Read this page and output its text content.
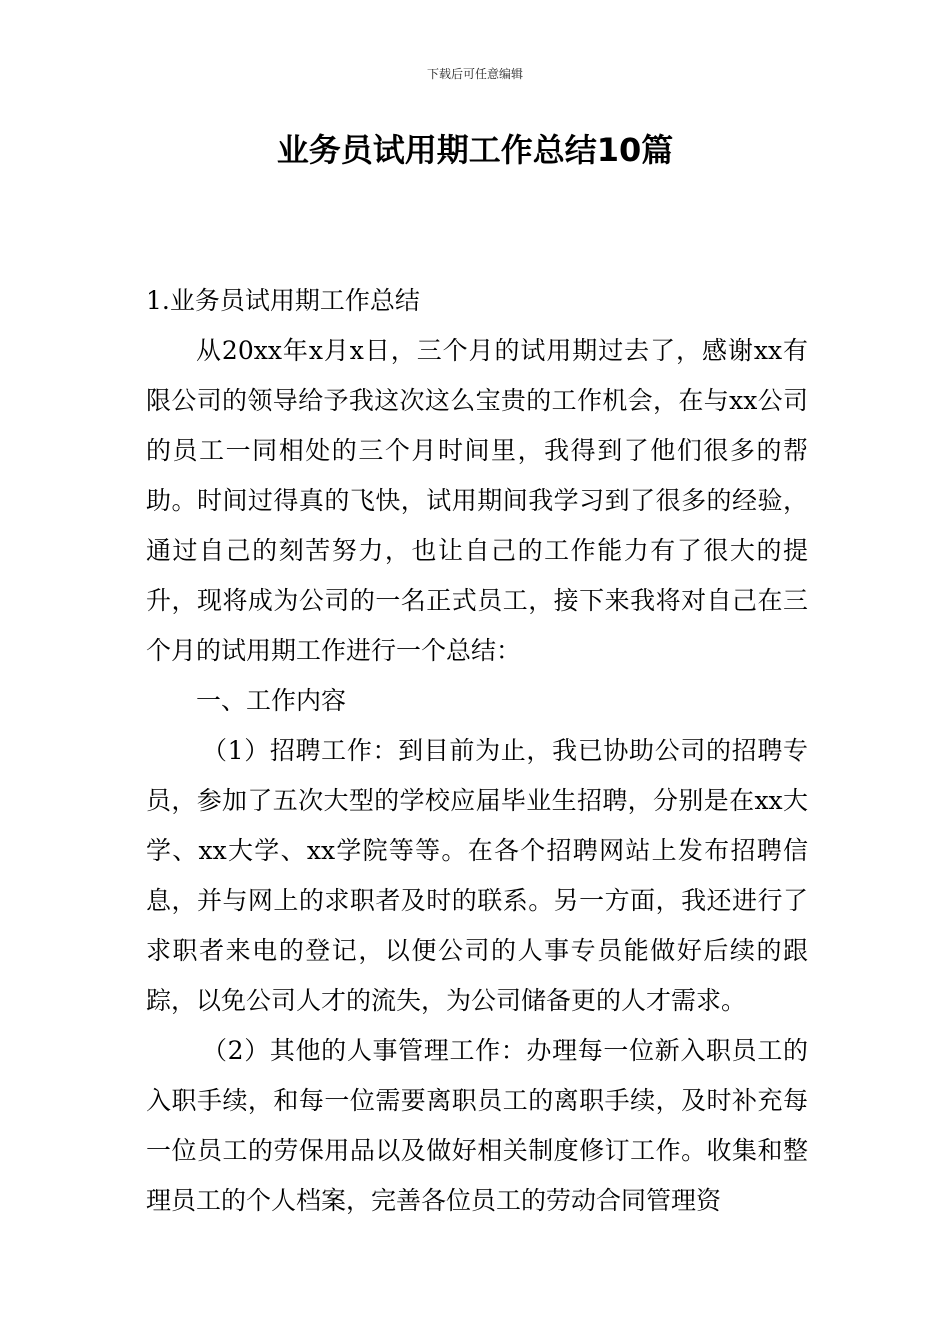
下载后可任意编辑
业务员试用期工作总结10篇

1.业务员试用期工作总结

从20xx年x月x日，三个月的试用期过去了，感谢xx有限公司的领导给予我这次这么宝贵的工作机会，在与xx公司的员工一同相处的三个月时间里，我得到了他们很多的帮助。时间过得真的飞快，试用期间我学习到了很多的经验，通过自己的刻苦努力，也让自己的工作能力有了很大的提升，现将成为公司的一名正式员工，接下来我将对自己在三个月的试用期工作进行一个总结：

一、工作内容

（1）招聘工作：到目前为止，我已协助公司的招聘专员，参加了五次大型的学校应届毕业生招聘，分别是在xx大学、xx大学、xx学院等等。在各个招聘网站上发布招聘信息，并与网上的求职者及时的联系。另一方面，我还进行了求职者来电的登记，以便公司的人事专员能做好后续的跟踪，以免公司人才的流失，为公司储备更的人才需求。

（2）其他的人事管理工作：办理每一位新入职员工的入职手续，和每一位需要离职员工的离职手续，及时补充每一位员工的劳保用品以及做好相关制度修订工作。收集和整理员工的个人档案，完善各位员工的劳动合同管理资
